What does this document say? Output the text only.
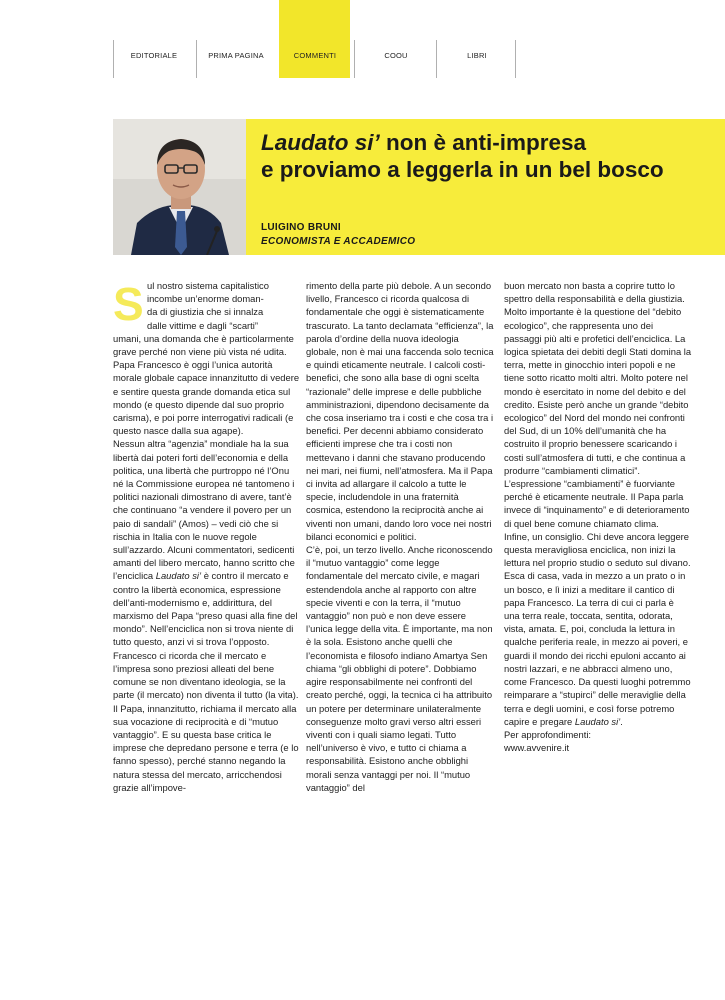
EDITORIALE	PRIMA PAGINA	COMMENTI	COOU	LIBRI
Laudato si’ non è anti-impresa
e proviamo a leggerla in un bel bosco
LUIGINO BRUNI
ECONOMISTA E ACCADEMICO
S ul nostro sistema capitalistico
incombe un’enorme doman-
da di giustizia che si innalza
dalle vittime e dagli “scarti”
umani, una domanda che è particolarmente grave perché non viene più vista né udita. Papa Francesco è oggi l’unica autorità morale globale capace innanzitutto di vedere e sentire questa grande domanda etica sul mondo (e questo dipende dal suo proprio carisma), e poi porre interrogativi radicali (e questo nasce dalla sua agape).

Nessun altra “agenzia” mondiale ha la sua libertà dai poteri forti dell’economia e della politica, una libertà che purtroppo né l’Onu né la Commissione europea né tantomeno i politici nazionali dimostrano di avere, tant’è che continuano “a vendere il povero per un paio di sandali” (Amos) – vedi ciò che si rischia in Italia con le nuove regole sull’azzardo. Alcuni commentatori, sedicenti amanti del libero mercato, hanno scritto che l’enciclica Laudato si’ è contro il mercato e contro la libertà economica, espressione dell’anti-modernismo e, addirittura, del marxismo del Papa “preso quasi alla fine del mondo”. Nell’enciclica non si trova niente di tutto questo, anzi vi si trova l’opposto. Francesco ci ricorda che il mercato e l’impresa sono preziosi alleati del bene comune se non diventano ideologia, se la parte (il mercato) non diventa il tutto (la vita).

Il Papa, innanzitutto, richiama il mercato alla sua vocazione di reciprocità e di “mutuo vantaggio”. E su questa base critica le imprese che depredano persone e terra (e lo fanno spesso), perché stanno negando la natura stessa del mercato, arricchendosi grazie all’impove-

rimento della parte più debole. A un secondo livello, Francesco ci ricorda qualcosa di fondamentale che oggi è sistematicamente trascurato. La tanto declamata “efficienza”, la parola d’ordine della nuova ideologia globale, non è mai una faccenda solo tecnica e quindi eticamente neutrale. I calcoli costi-benefici, che sono alla base di ogni scelta “razionale” delle imprese e delle pubbliche amministrazioni, dipendono decisamente da che cosa inseriamo tra i costi e che cosa tra i benefici. Per decenni abbiamo considerato efficienti imprese che tra i costi non mettevano i danni che stavano producendo nei mari, nei fiumi, nell’atmosfera. Ma il Papa ci invita ad allargare il calcolo a tutte le specie, includendole in una fraternità cosmica, estendono la reciprocità anche ai viventi non umani, dando loro voce nei nostri bilanci economici e politici.

C’è, poi, un terzo livello. Anche riconoscendo il “mutuo vantaggio” come legge fondamentale del mercato civile, e magari estendendola anche al rapporto con altre specie viventi e con la terra, il “mutuo vantaggio” non può e non deve essere l’unica legge della vita. È importante, ma non è la sola. Esistono anche quelli che l’economista e filosofo indiano Amartya Sen chiama “gli obblighi di potere”. Dobbiamo agire responsabilmente nei confronti del creato perché, oggi, la tecnica ci ha attribuito un potere per determinare unilateralmente conseguenze molto gravi verso altri esseri viventi con i quali siamo legati. Tutto nell’universo è vivo, e tutto ci chiama a responsabilità. Esistono anche obblighi morali senza vantaggi per noi. Il “mutuo vantaggio” del

buon mercato non basta a coprire tutto lo spettro della responsabilità e della giustizia.

Molto importante è la questione del “debito ecologico”, che rappresenta uno dei passaggi più alti e profetici dell’enciclica. La logica spietata dei debiti degli Stati domina la terra, mette in ginocchio interi popoli e ne tiene sotto ricatto molti altri. Molto potere nel mondo è esercitato in nome del debito e del credito. Esiste però anche un grande “debito ecologico” del Nord del mondo nei confronti del Sud, di un 10% dell’umanità che ha costruito il proprio benessere scaricando i costi sull’atmosfera di tutti, e che continua a produrre “cambiamenti climatici”. L’espressione “cambiamenti” è fuorviante perché è eticamente neutrale. Il Papa parla invece di “inquinamento” e di deterioramento di quel bene comune chiamato clima.

Infine, un consiglio. Chi deve ancora leggere questa meravigliosa enciclica, non inizi la lettura nel proprio studio o seduto sul divano. Esca di casa, vada in mezzo a un prato o in un bosco, e lì inizi a meditare il cantico di papa Francesco. La terra di cui ci parla è una terra reale, toccata, sentita, odorata, vista, amata. E, poi, concluda la lettura in qualche periferia reale, in mezzo ai poveri, e guardi il mondo dei ricchi epuloni accanto ai nostri lazzari, e ne abbracci almeno uno, come Francesco. Da questi luoghi potremmo reimparare a “stupirci” delle meraviglie della terra e degli uomini, e così forse potremo capire e pregare Laudato si’.

Per approfondimenti:

www.avvenire.it
